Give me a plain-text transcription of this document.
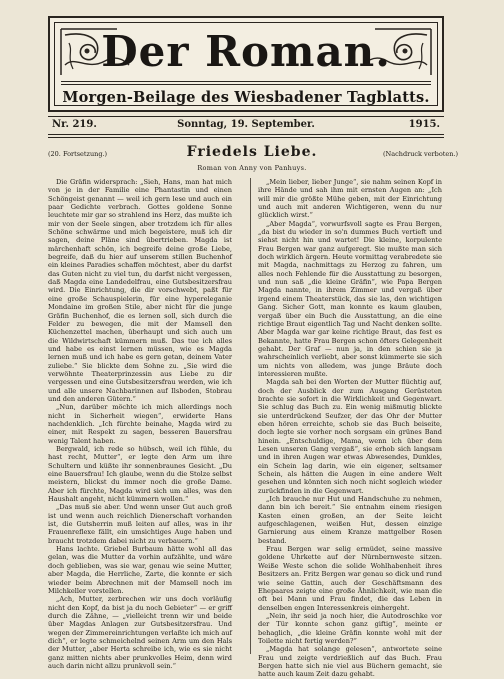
Der Roman.
Morgen-Beilage des Wiesbadener Tagblatts.
Nr. 219.	Sonntag, 19. September.	1915.
(20. Fortsetzung.)	(Nachdruck verboten.)
Friedels Liebe.
Roman von Anny von Panhuys.

Die Gräfin widersprach: „Sieh, Hans, man hat mich von je in der Familie eine Phantastin und einen Schöngeist genannt — weil ich gern lese und auch ein paar Gedichte verbrach. Gottes goldene Sonne leuchtete mir gar so strahlend ins Herz, das mußte ich mir von der Seele singen, aber trotzdem ich für alles Schöne schwärme und mich begeistere, muß ich dir sagen, deine Pläne sind übertrieben. Magda ist märchenhaft schön, ich begreife deine große Liebe, begreife, daß du hier auf unserem stillen Buchenhof ein kleines Paradies schaffen möchtest, aber du darfst das Guten nicht zu viel tun, du darfst nicht vergessen, daß Magda eine Landedelfrau, eine Gutsbesitzersfrau wird. Die Einrichtung, die dir vorschwebt, paßt für eine große Schauspielerin, für eine hypereleganie Mondaine im großen Stile, aber nicht für die junge Gräfin Buchenhof, die es lernen soll, sich durch die Felder zu bewegen, die mit der Mamsell den Küchenzettel machen, überhaupt und sich auch um die Wildwirtschaft kümmern muß. Das tue ich alles und habe es einst lernen müssen, wie es Magda lernen muß und ich habe es gern getan, deinem Vater zuliebe.“ Sie blickte dem Sohne zu. „Sie wird die verwöhnte Theaterprinzessin aus Liebe zu dir vergessen und eine Gutsbesitzersfrau werden, wie ich und alle unsere Nachbarinnen auf Ilsboden, Stobrau und den anderen Gütern.“

„Nun, darüber möchte ich mich allerdings noch nicht in Sicherheit wiegen“, erwiderte Hans nachdenklich. „Ich fürchte beinahe, Magda wird zu einer, mit Respekt zu sagen, besseren Bauersfrau wenig Talent haben.

Bergwald, ich rede so hübsch, weil ich fühle, du hast recht, Mutter“, er legte den Arm um ihre Schultern und küßte ihr sonnenbraunes Gesicht. „Du eine Bauersfrau! Ich glaube, wenn du die Stolze selbst meistern, blickst du immer noch die große Dame. Aber ich fürchte, Magda wird sich um alles, was den Haushalt angeht, nicht kümmern wollen.“

„Das muß sie aber. Und wenn unser Gut auch groß ist und wenn auch reichlich Dienerschaft vorhanden ist, die Gutsherrin muß leiten auf alles, was in ihr Frauenreflexe fällt, ein umsichtiges Auge haben und braucht trotzdem dabei nicht zu verbauern.“

Hans lachte. Griebel Burbaum hätte wohl all das gelan, was die Mutter da vorhin aufzählte, und wäre doch geblieben, was sie war, genau wie seine Mutter, aber Magda, die Herrliche, Zarte, die konnte er sich wieder beim Abrechnen mit der Mamsell noch im Milchkeller vorstellen.

„Ach, Mutter, zerbrechen wir uns doch vorläufig nicht den Kopf, da bist ja du noch Gebieter“ — er griff durch die Zähne, — „vielleicht trenn wir und beide über Magdas Anlagen zur Gutsbesitzersfrau. Und wegen der Zimmereinrichtungen verlaßte ich mich auf dich“, er legte schmeichelnd seinen Arm um den Hals der Mutter, „aber Herta schreibe ich, wie es sie nicht ganz mitten nichts aber prunkvolles Heim, denn wird auch darin nicht allzu prunkvoll sein.“

„Mein lieber, lieber Junge“, sie nahm seinen Kopf in ihre Hände und sah ihm mit ernsten Augen an: „Ich will mir die größte Mühe geben, mit der Einrichtung und auch mit anderen Wichtigeren, wenn du nur glücklich wirst.“

„Aber Magda“, vorwurfsvoll sagte es Frau Bergen, „da bist du wieder in so'n dummes Buch vertieft und siehst nicht hin und wartet! Die kleine, korpulente Frau Bergen war ganz aufgeregt. Sie mußte man sich doch wirklich ärgern. Heute vormittag verabredete sie mit Magda, nachmittags zu Herzog zu fahren, um alles noch Fehlende für die Ausstattung zu besorgen, und nun saß „die kleine Gräfin“, wie Papa Bergen Magda nannte, in ihrem Zimmer und vergaß über irgend einem Theaterstück, das sie las, den wichtigen Gang. Sicher Gott, man konnte es kaum glauben, vergaß über ein Buch die Ausstattung, an die eine richtige Braut eigentlich Tag und Nacht denken sollte. Aber Magda war gar keine richtige Braut, das fest es Bekannte, hatte Frau Bergen schon öfters Gelegenheit gehabt. Der Graf — nun ja, in den schien sie ja wahrscheinlich verliebt, aber sonst kümmerte sie sich um nichts von alledem, was junge Bräute doch interessieren mußte.

Magda sah bei den Worten der Mutter flüchtig auf, doch der Ausblick der zum Ausgang Gerüsteten brachte sie sofort in die Wirklichkeit und Gegenwart. Sie schlug das Buch zu. Ein wenig mißmutig blickte sie unterdrückend Seufzer, der das Ohr der Mutter eben hören erreichte, schob sie das Buch beiseite, doch legte sie vorher noch sorgsam ein grünes Band hinein. „Entschuldige, Mama, wenn ich über dem Lesen unseren Gang vergaß“, sie erhob sich langsam und in ihren Augen war etwas Abwesendes, Dunkles, ein Schein lag darin, wie ein eigener, seltsamer Schein, als hätten die Augen in eine andere Welt gesehen und könnten sich noch nicht sogleich wieder zurückfinden in die Gegenwart.

„Ich brauche nur Hut und Handschuhe zu nehmen, dann bin ich bereit.“ Sie entnahm einem riesigen Kasten einen großen, an der Seite leicht aufgeschlagenen, weißen Hut, dessen einzige Garnierung aus einem Kranze mattgelber Rosen bestand.

Frau Bergen war selig ermüdet, seine massive goldene Uhrkette auf der Nürnbernweste sitzen. Weiße Weste schon die solide Wohlhabenheit ihres Besitzers an. Fritz Bergen war genau so dick und rund wie seine Gattin, auch der Geschäftsmann des Ehepaares zeigte eine große Ähnlichkeit, wie man die oft bei Mann und Frau findet, die das Leben in denselben engen Interessenkreis einhergeht.

„Nein, ihr seid ja noch hier, die Autodroschke vor der Tür konnte schon ganz giftig“, meinte er behaglich, „die kleine Gräfin konnte wohl mit der Toilette nicht fertig werden?“

„Magda hat solange gelesen“, antwortete seine Frau und zeigte verdrießlich auf das Buch. Frau Bergen hatte sich nie viel aus Büchern gemacht, sie hatte auch kaum Zeit dazu gehabt.
